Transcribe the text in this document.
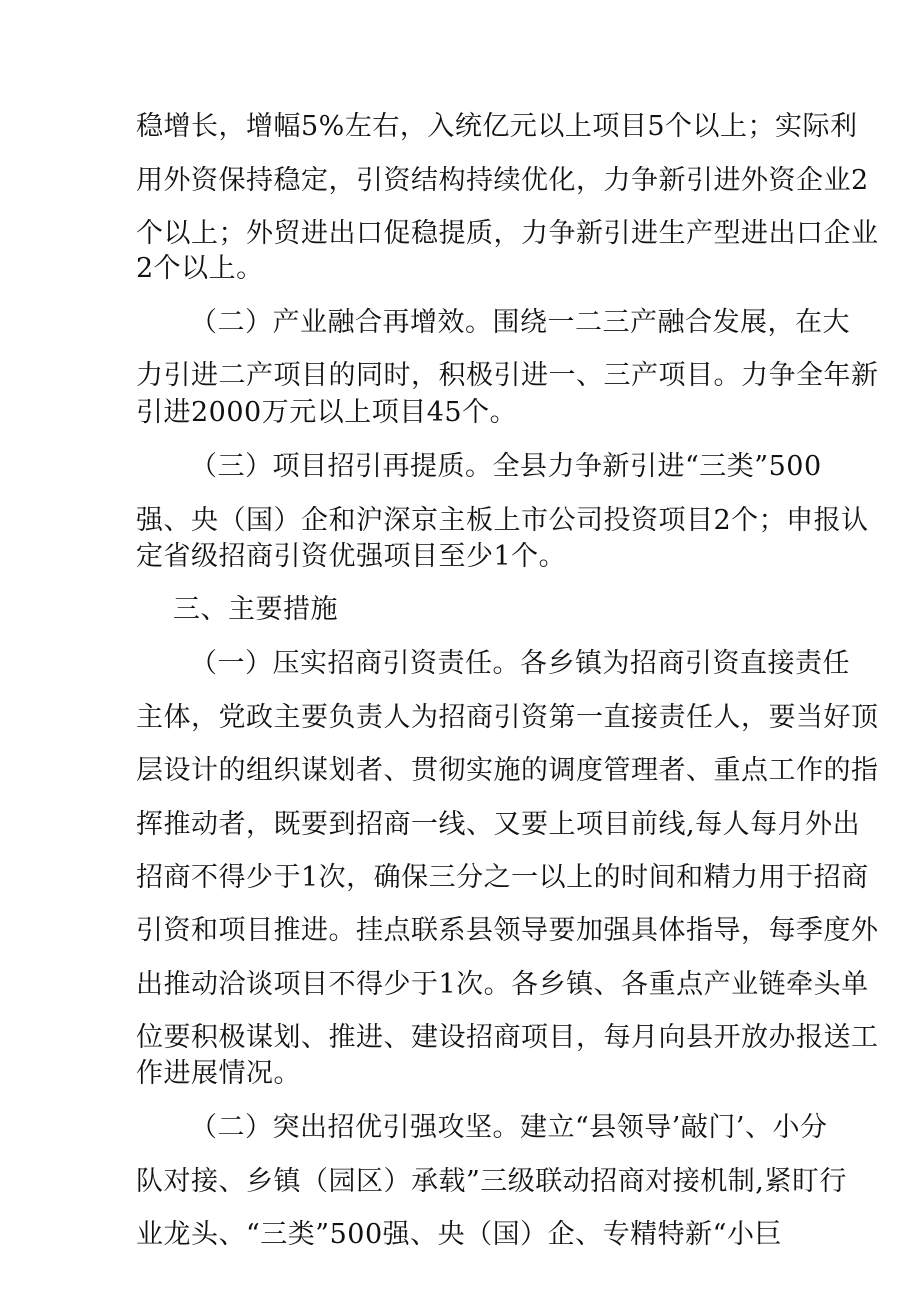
稳增长，增幅5%左右，入统亿元以上项目5个以上；实际利
用外资保持稳定，引资结构持续优化，力争新引进外资企业2
个以上；外贸进出口促稳提质，力争新引进生产型进出口企业
2个以上。
（二）产业融合再增效。围绕一二三产融合发展，在大
力引进二产项目的同时，积极引进一、三产项目。力争全年新
引进2000万元以上项目45个。
（三）项目招引再提质。全县力争新引进“三类”500
强、央（国）企和沪深京主板上市公司投资项目2个；申报认
定省级招商引资优强项目至少1个。
三、主要措施
（一）压实招商引资责任。各乡镇为招商引资直接责任
主体，党政主要负责人为招商引资第一直接责任人，要当好顶
层设计的组织谋划者、贯彻实施的调度管理者、重点工作的指
挥推动者，既要到招商一线、又要上项目前线,每人每月外出
招商不得少于1次，确保三分之一以上的时间和精力用于招商
引资和项目推进。挂点联系县领导要加强具体指导，每季度外
出推动洽谈项目不得少于1次。各乡镇、各重点产业链牵头单
位要积极谋划、推进、建设招商项目，每月向县开放办报送工
作进展情况。
（二）突出招优引强攻坚。建立“县领导’敲门’、小分
队对接、乡镇（园区）承载”三级联动招商对接机制,紧盯行
业龙头、“三类”500强、央（国）企、专精特新“小巨
